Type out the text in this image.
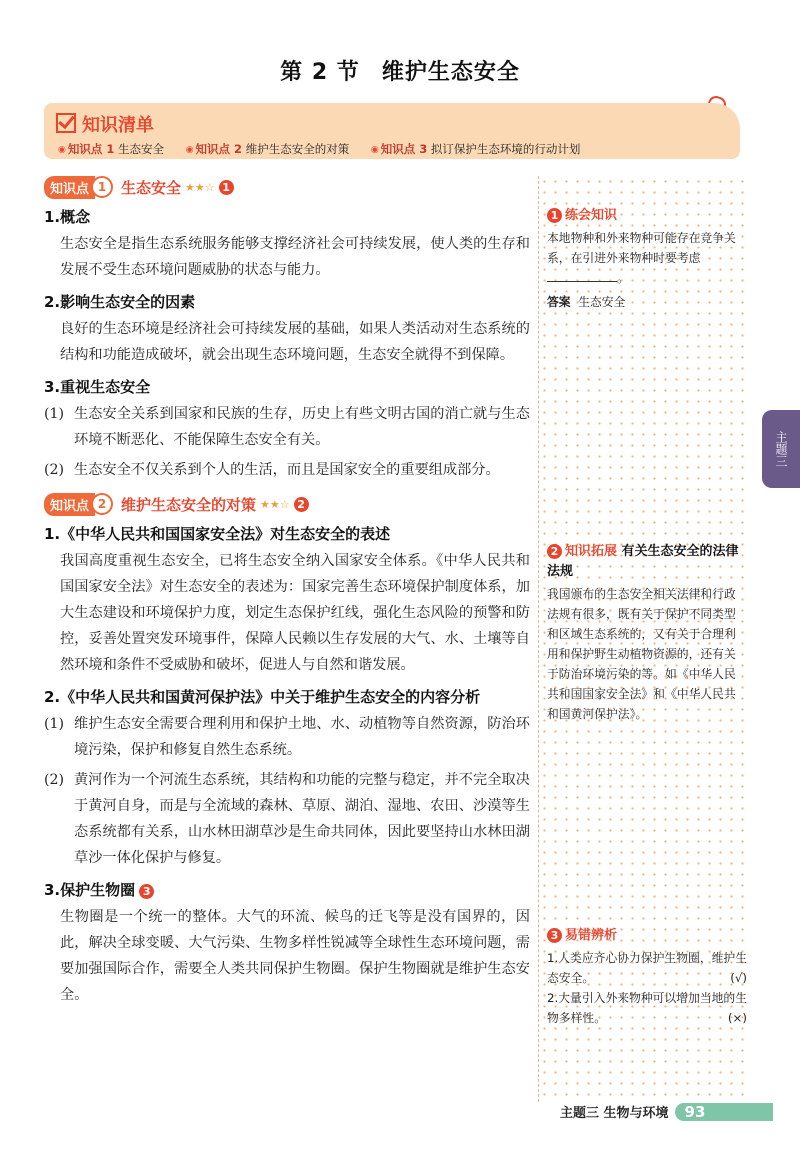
第 2 节 维护生态安全
知识清单
◉ 知识点 1 生态安全	◉ 知识点 2 维护生态安全的对策	◉ 知识点 3 拟订保护生态环境的行动计划
知识点 1 生态安全 ★★☆ 1
1.概念

生态安全是指生态系统服务能够支撑经济社会可持续发展，使人类的生存和发展不受生态环境问题威胁的状态与能力。

2.影响生态安全的因素

良好的生态环境是经济社会可持续发展的基础，如果人类活动对生态系统的结构和功能造成破坏，就会出现生态环境问题，生态安全就得不到保障。

3.重视生态安全
(1) 生态安全关系到国家和民族的生存，历史上有些文明古国的消亡就与生态环境不断恶化、不能保障生态安全有关。
(2) 生态安全不仅关系到个人的生活，而且是国家安全的重要组成部分。
知识点 2 维护生态安全的对策 ★★☆ 2
1.《中华人民共和国国家安全法》对生态安全的表述

我国高度重视生态安全，已将生态安全纳入国家安全体系。《中华人民共和国国家安全法》对生态安全的表述为：国家完善生态环境保护制度体系，加大生态建设和环境保护力度，划定生态保护红线，强化生态风险的预警和防控，妥善处置突发环境事件，保障人民赖以生存发展的大气、水、土壤等自然环境和条件不受威胁和破坏，促进人与自然和谐发展。

2.《中华人民共和国黄河保护法》中关于维护生态安全的内容分析
(1) 维护生态安全需要合理利用和保护土地、水、动植物等自然资源，防治环境污染，保护和修复自然生态系统。
(2) 黄河作为一个河流生态系统，其结构和功能的完整与稳定，并不完全取决于黄河自身，而是与全流域的森林、草原、湖泊、湿地、农田、沙漠等生态系统都有关系，山水林田湖草沙是生命共同体，因此要坚持山水林田湖草沙一体化保护与修复。
3.保护生物圈 3

生物圈是一个统一的整体。大气的环流、候鸟的迁飞等是没有国界的，因此，解决全球变暖、大气污染、生物多样性锐减等全球性生态环境问题，需要加强国际合作，需要全人类共同保护生物圈。保护生物圈就是维护生态安全。

1 练会知识
本地物种和外来物种可能存在竞争关系，在引进外来物种时要考虑。
答案 生态安全
2 知识拓展 有关生态安全的法律法规
我国颁布的生态安全相关法律和行政法规有很多，既有关于保护不同类型和区域生态系统的，又有关于合理利用和保护野生动植物资源的，还有关于防治环境污染的等。如《中华人民共和国国家安全法》和《中华人民共和国黄河保护法》。
3 易错辨析
1.人类应齐心协力保护生物圈，维护生态安全。	(√)
2.大量引入外来物种可以增加当地的生物多样性。	(×)
主题三
主题三 生物与环境 93
